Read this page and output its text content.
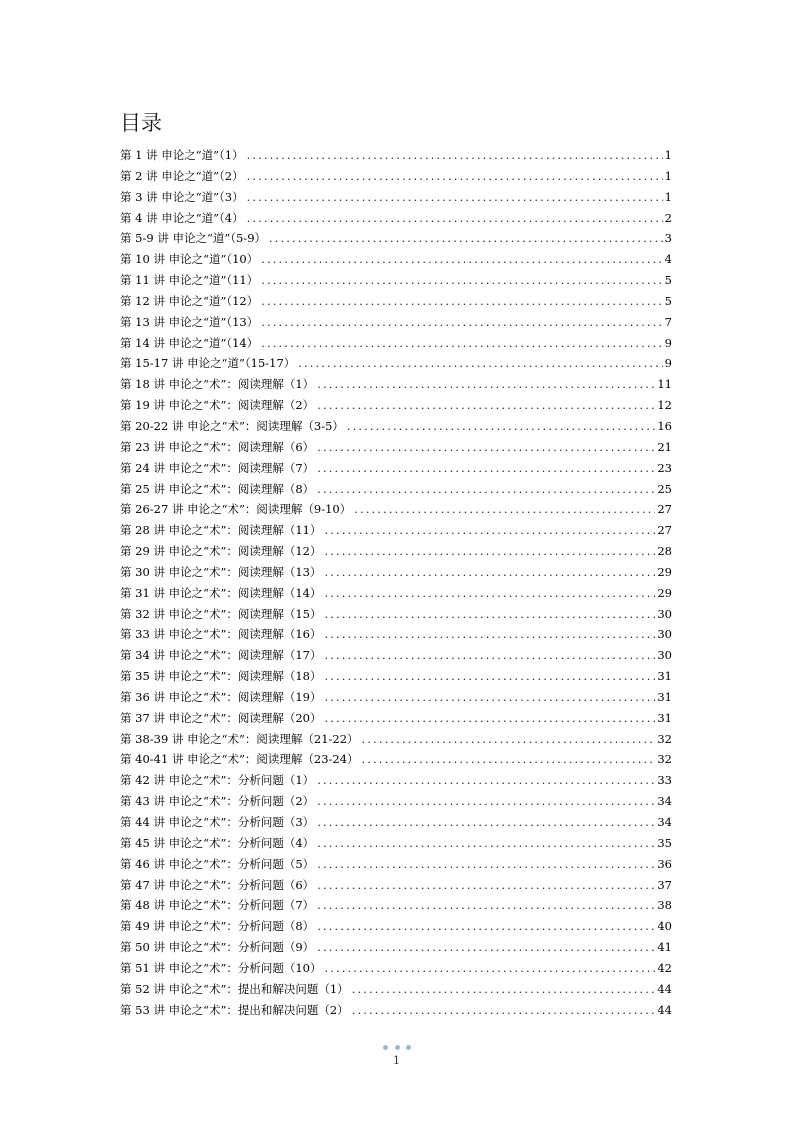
目录
第 1 讲 申论之“道”（1） .....	1
第 2 讲 申论之“道”（2） .....	1
第 3 讲 申论之“道”（3） .....	1
第 4 讲 申论之“道”（4） .....	2
第 5-9 讲 申论之“道”（5-9） .....	3
第 10 讲 申论之“道”（10） .....	4
第 11 讲 申论之“道”（11） .....	5
第 12 讲 申论之“道”（12） .....	5
第 13 讲 申论之“道”（13） .....	7
第 14 讲 申论之“道”（14） .....	9
第 15-17 讲 申论之“道”（15-17） .....	9
第 18 讲 申论之“术”：阅读理解（1） .....	11
第 19 讲 申论之“术”：阅读理解（2） .....	12
第 20-22 讲 申论之“术”：阅读理解（3-5） .....	16
第 23 讲 申论之“术”：阅读理解（6） .....	21
第 24 讲 申论之“术”：阅读理解（7） .....	23
第 25 讲 申论之“术”：阅读理解（8） .....	25
第 26-27 讲 申论之“术”：阅读理解（9-10） .....	27
第 28 讲 申论之“术”：阅读理解（11） .....	27
第 29 讲 申论之“术”：阅读理解（12） .....	28
第 30 讲 申论之“术”：阅读理解（13） .....	29
第 31 讲 申论之“术”：阅读理解（14） .....	29
第 32 讲 申论之“术”：阅读理解（15） .....	30
第 33 讲 申论之“术”：阅读理解（16） .....	30
第 34 讲 申论之“术”：阅读理解（17） .....	30
第 35 讲 申论之“术”：阅读理解（18） .....	31
第 36 讲 申论之“术”：阅读理解（19） .....	31
第 37 讲 申论之“术”：阅读理解（20） .....	31
第 38-39 讲 申论之“术”：阅读理解（21-22） .....	32
第 40-41 讲 申论之“术”：阅读理解（23-24） .....	32
第 42 讲 申论之“术”：分析问题（1） .....	33
第 43 讲 申论之“术”：分析问题（2） .....	34
第 44 讲 申论之“术”：分析问题（3） .....	34
第 45 讲 申论之“术”：分析问题（4） .....	35
第 46 讲 申论之“术”：分析问题（5） .....	36
第 47 讲 申论之“术”：分析问题（6） .....	37
第 48 讲 申论之“术”：分析问题（7） .....	38
第 49 讲 申论之“术”：分析问题（8） .....	40
第 50 讲 申论之“术”：分析问题（9） .....	41
第 51 讲 申论之“术”：分析问题（10） .....	42
第 52 讲 申论之“术”：提出和解决问题（1） .....	44
第 53 讲 申论之“术”：提出和解决问题（2） .....	44
1
